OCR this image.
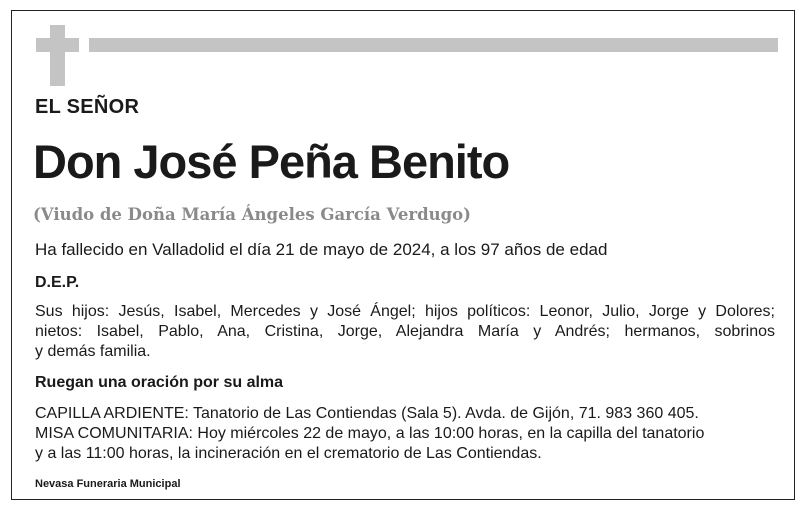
EL SEÑOR
Don José Peña Benito
(Viudo de Doña María Ángeles García Verdugo)
Ha fallecido en Valladolid el día 21 de mayo de 2024, a los 97 años de edad
D.E.P.
Sus hijos: Jesús, Isabel, Mercedes y José Ángel; hijos políticos: Leonor, Julio, Jorge y Dolores;
nietos: Isabel, Pablo, Ana, Cristina, Jorge, Alejandra María y Andrés; hermanos, sobrinos
y demás familia.
Ruegan una oración por su alma
CAPILLA ARDIENTE: Tanatorio de Las Contiendas (Sala 5). Avda. de Gijón, 71. 983 360 405.
MISA COMUNITARIA: Hoy miércoles 22 de mayo, a las 10:00 horas, en la capilla del tanatorio
y a las 11:00 horas, la incineración en el crematorio de Las Contiendas.
Nevasa Funeraria Municipal
